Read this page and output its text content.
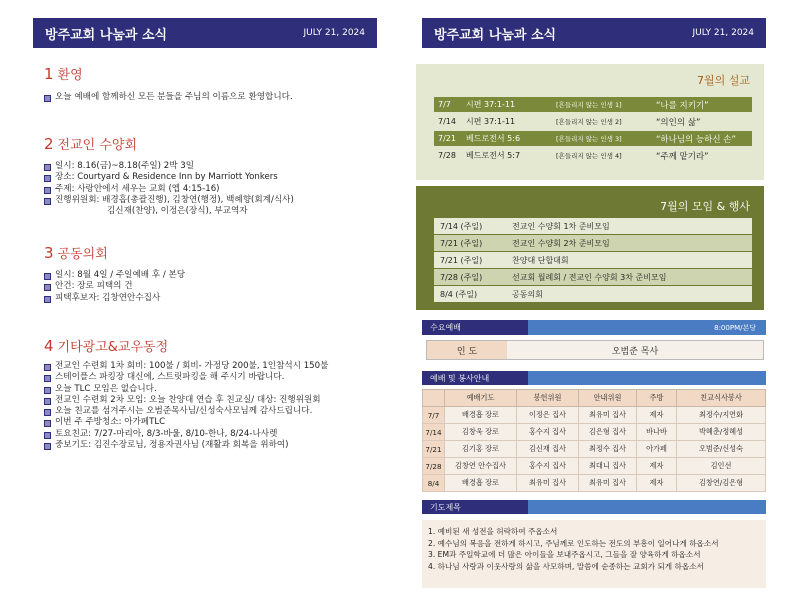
방주교회 나눔과 소식	JULY 21, 2024
1 환영
오늘 예배에 함께하신 모든 분들을 주님의 이름으로 환영합니다.
2 전교인 수양회
일시: 8.16(금)~8.18(주일) 2박 3일
장소: Courtyard & Residence Inn by Marriott Yonkers
주제: 사랑안에서 세우는 교회 (엡 4:15-16)
진행위원회: 배경흡(총괄진행), 김창연(행정), 백혜향(회계/식사)
김신재(찬양), 이정은(장식), 부교역자
3 공동의회
일시: 8월 4일 / 주일예배 후 / 본당
안건: 장로 피택의 건
피택후보자: 김창연안수집사
4 기타광고&교우동정
전교인 수련회 1차 회비: 100불 / 회비- 가정당 200불, 1인참석시 150불
스테이플스 파킹장 대신에, 스트릿파킹을 해 주시기 바랍니다.
오늘 TLC 모임은 없습니다.
전교인 수련회 2차 모임: 오늘 찬양대 연습 후 친교실/ 대상: 진행위원회
오늘 친교를 섬겨주시는 오범준목사님/신성숙사모님께 감사드립니다.
이번 주 주방청소: 아가페TLC
토요친교: 7/27-마리아, 8/3-바울, 8/10-한나, 8/24-나사렛
중보기도: 김진수장로님, 정용자권사님 (재활과 회복을 위하여)
방주교회 나눔과 소식	JULY 21, 2024
7월의 설교
7/7	시편 37:1-11	[흔들리지 않는 인생 1]	“나를 지키기”
7/14	시편 37:1-11	[흔들리지 않는 인생 2]	“의인의 삶”
7/21	베드로전서 5:6	[흔들리지 않는 인생 3]	“하나님의 능하신 손”
7/28	베드로전서 5:7	[흔들리지 않는 인생 4]	“주께 맡기라”
7월의 모임 & 행사
7/14 (주일)	전교인 수양회 1차 준비모임
7/21 (주일)	전교인 수양회 2차 준비모임
7/21 (주일)	찬양대 단합대회
7/28 (주일)	선교회 월례회 / 전교인 수양회 3차 준비모임
8/4 (주일)	공동의회
수요예배	8:00PM/본당
인 도	오범준 목사
예배 및 봉사안내
	예배기도	봉헌위원	안내위원	주방	친교식사봉사
7/7	배경흡 장로	이정은 집사	최유미 집사	제자	최정수/지연화
7/14	김창욱 장로	홍수지 집사	김은형 집사	바나바	박혜춘/정혜성
7/21	김기홍 장로	김신재 집사	최정수 집사	아가페	오범준/신성숙
7/28	김창연 안수집사	홍수지 집사	최대니 집사	제자	김인선
8/4	배경흡 장로	최유미 집사	최유미 집사	제자	김창연/김은형
기도제목
1. 예비된 새 성전을 허락하여 주옵소서
2. 예수님의 복음을 전하게 하시고, 주님께로 인도하는 전도의 부흥이 일어나게 하옵소서
3. EM과 주일학교에 더 많은 아이들을 보내주옵시고, 그들을 잘 양육하게 하옵소서
4. 하나님 사랑과 이웃사랑의 삶을 사모하며, 말씀에 순종하는 교회가 되게 하옵소서
